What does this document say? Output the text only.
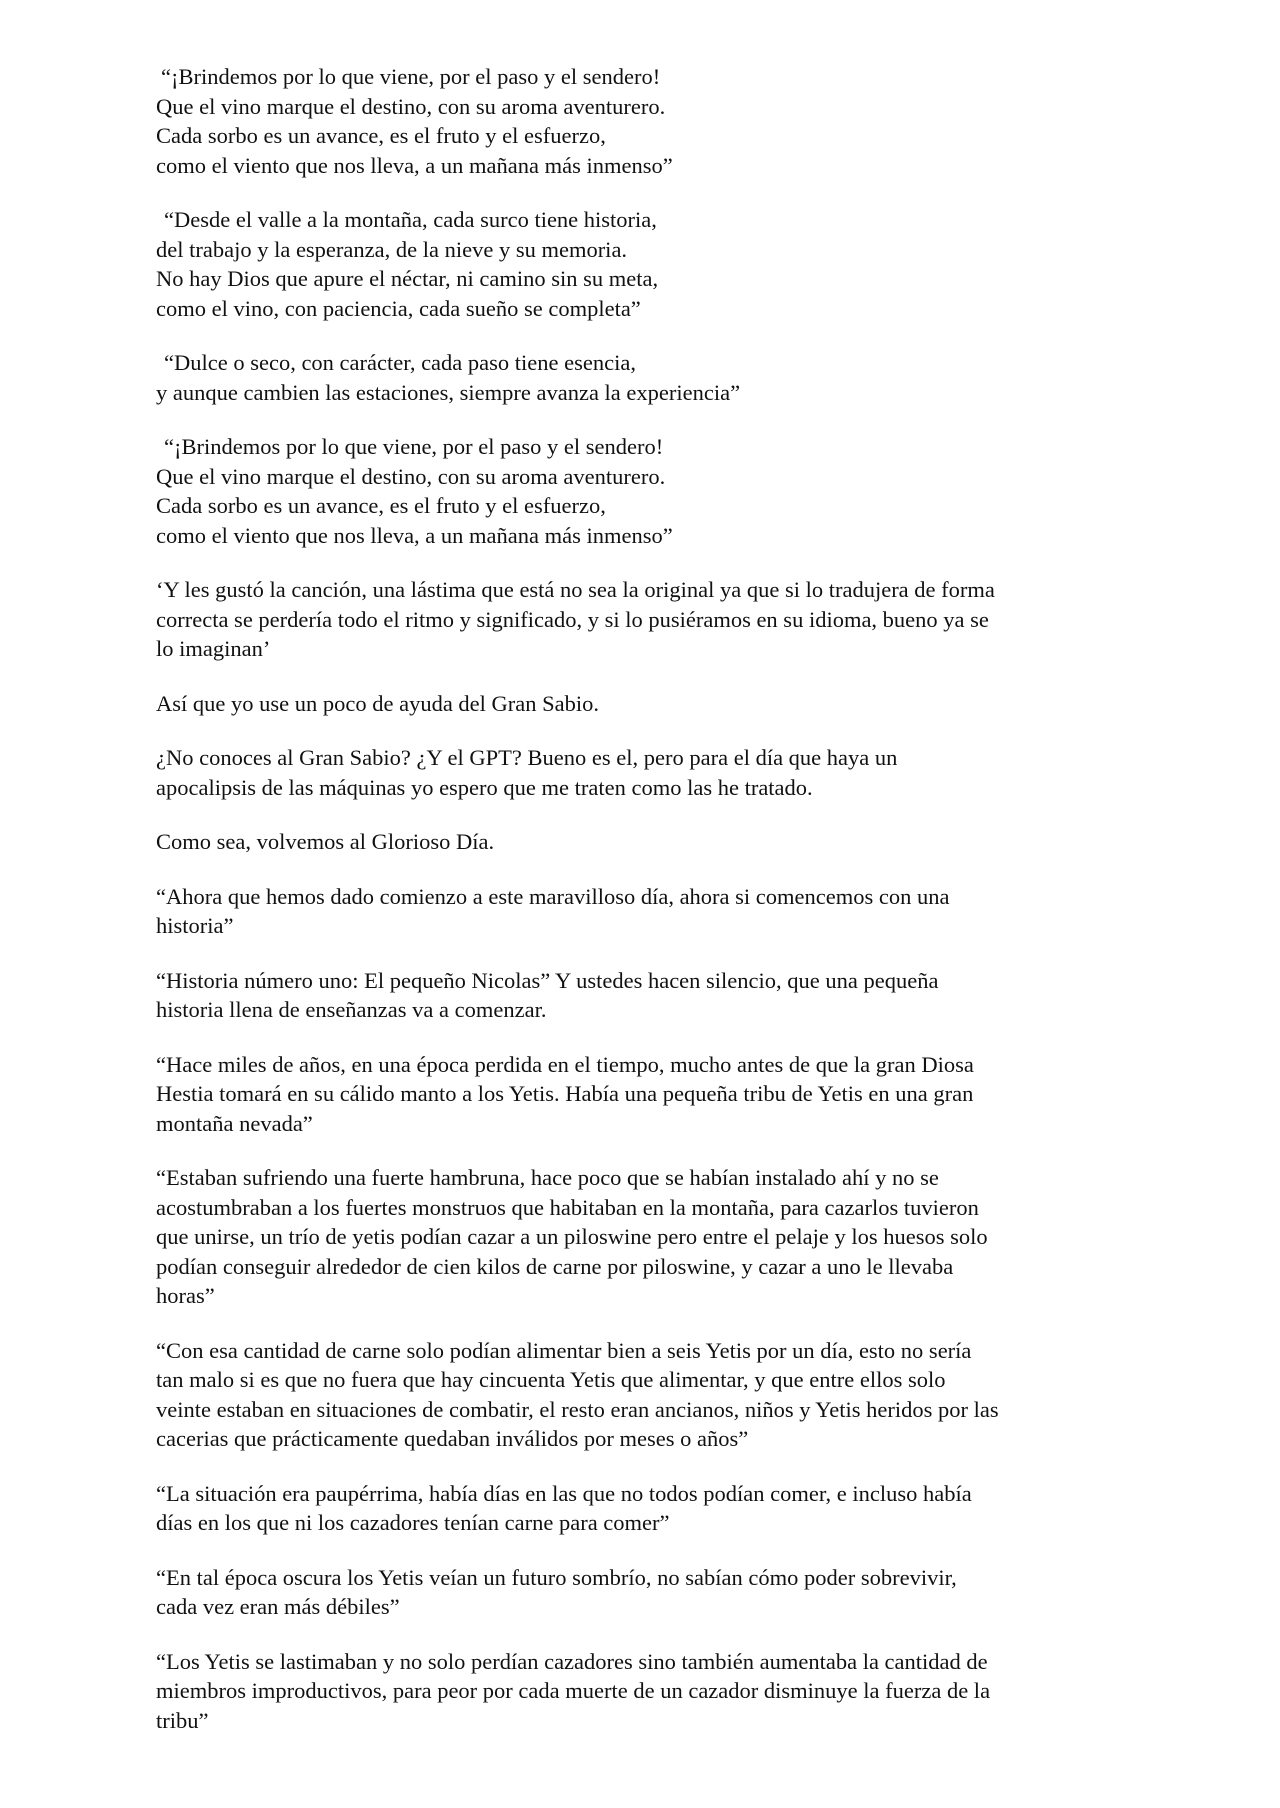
“¡Brindemos por lo que viene, por el paso y el sendero!
Que el vino marque el destino, con su aroma aventurero.
Cada sorbo es un avance, es el fruto y el esfuerzo,
como el viento que nos lleva, a un mañana más inmenso”
“Desde el valle a la montaña, cada surco tiene historia,
del trabajo y la esperanza, de la nieve y su memoria.
No hay Dios que apure el néctar, ni camino sin su meta,
como el vino, con paciencia, cada sueño se completa”
“Dulce o seco, con carácter, cada paso tiene esencia,
y aunque cambien las estaciones, siempre avanza la experiencia”
“¡Brindemos por lo que viene, por el paso y el sendero!
Que el vino marque el destino, con su aroma aventurero.
Cada sorbo es un avance, es el fruto y el esfuerzo,
como el viento que nos lleva, a un mañana más inmenso”
‘Y les gustó la canción, una lástima que está no sea la original ya que si lo tradujera de forma
correcta se perdería todo el ritmo y significado, y si lo pusiéramos en su idioma, bueno ya se
lo imaginan’
Así que yo use un poco de ayuda del Gran Sabio.
¿No conoces al Gran Sabio? ¿Y el GPT? Bueno es el, pero para el día que haya un
apocalipsis de las máquinas yo espero que me traten como las he tratado.
Como sea, volvemos al Glorioso Día.
“Ahora que hemos dado comienzo a este maravilloso día, ahora si comencemos con una
historia”
“Historia número uno: El pequeño Nicolas” Y ustedes hacen silencio, que una pequeña
historia llena de enseñanzas va a comenzar.
“Hace miles de años, en una época perdida en el tiempo, mucho antes de que la gran Diosa
Hestia tomará en su cálido manto a los Yetis. Había una pequeña tribu de Yetis en una gran
montaña nevada”
“Estaban sufriendo una fuerte hambruna, hace poco que se habían instalado ahí y no se
acostumbraban a los fuertes monstruos que habitaban en la montaña, para cazarlos tuvieron
que unirse, un trío de yetis podían cazar a un piloswine pero entre el pelaje y los huesos solo
podían conseguir alrededor de cien kilos de carne por piloswine, y cazar a uno le llevaba
horas”
“Con esa cantidad de carne solo podían alimentar bien a seis Yetis por un día, esto no sería
tan malo si es que no fuera que hay cincuenta Yetis que alimentar, y que entre ellos solo
veinte estaban en situaciones de combatir, el resto eran ancianos, niños y Yetis heridos por las
cacerias que prácticamente quedaban inválidos por meses o años”
“La situación era paupérrima, había días en las que no todos podían comer, e incluso había
días en los que ni los cazadores tenían carne para comer”
“En tal época oscura los Yetis veían un futuro sombrío, no sabían cómo poder sobrevivir,
cada vez eran más débiles”
“Los Yetis se lastimaban y no solo perdían cazadores sino también aumentaba la cantidad de
miembros improductivos, para peor por cada muerte de un cazador disminuye la fuerza de la
tribu”
